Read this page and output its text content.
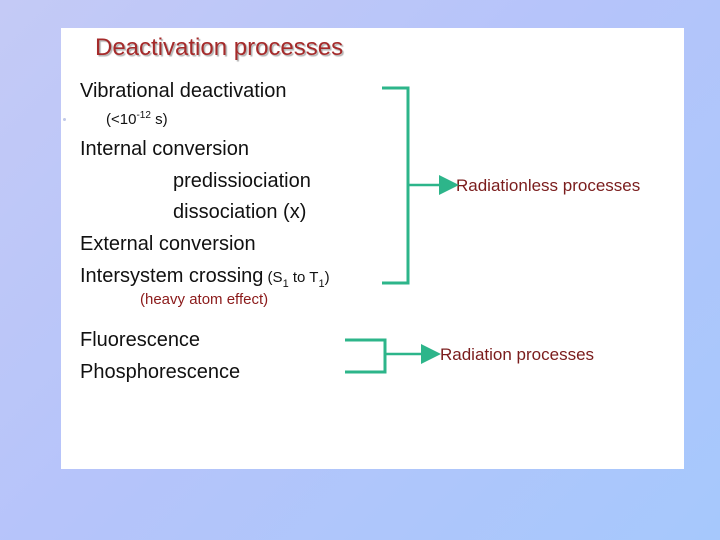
Deactivation processes
Vibrational deactivation
($<10^{-12}$ s)
Internal conversion
predissiociation
dissociation (x)
External conversion
Intersystem crossing ($S_1$ to $T_1$)
(heavy atom effect)
Fluorescence
Phosphorescence
Radiationless processes
Radiation processes
